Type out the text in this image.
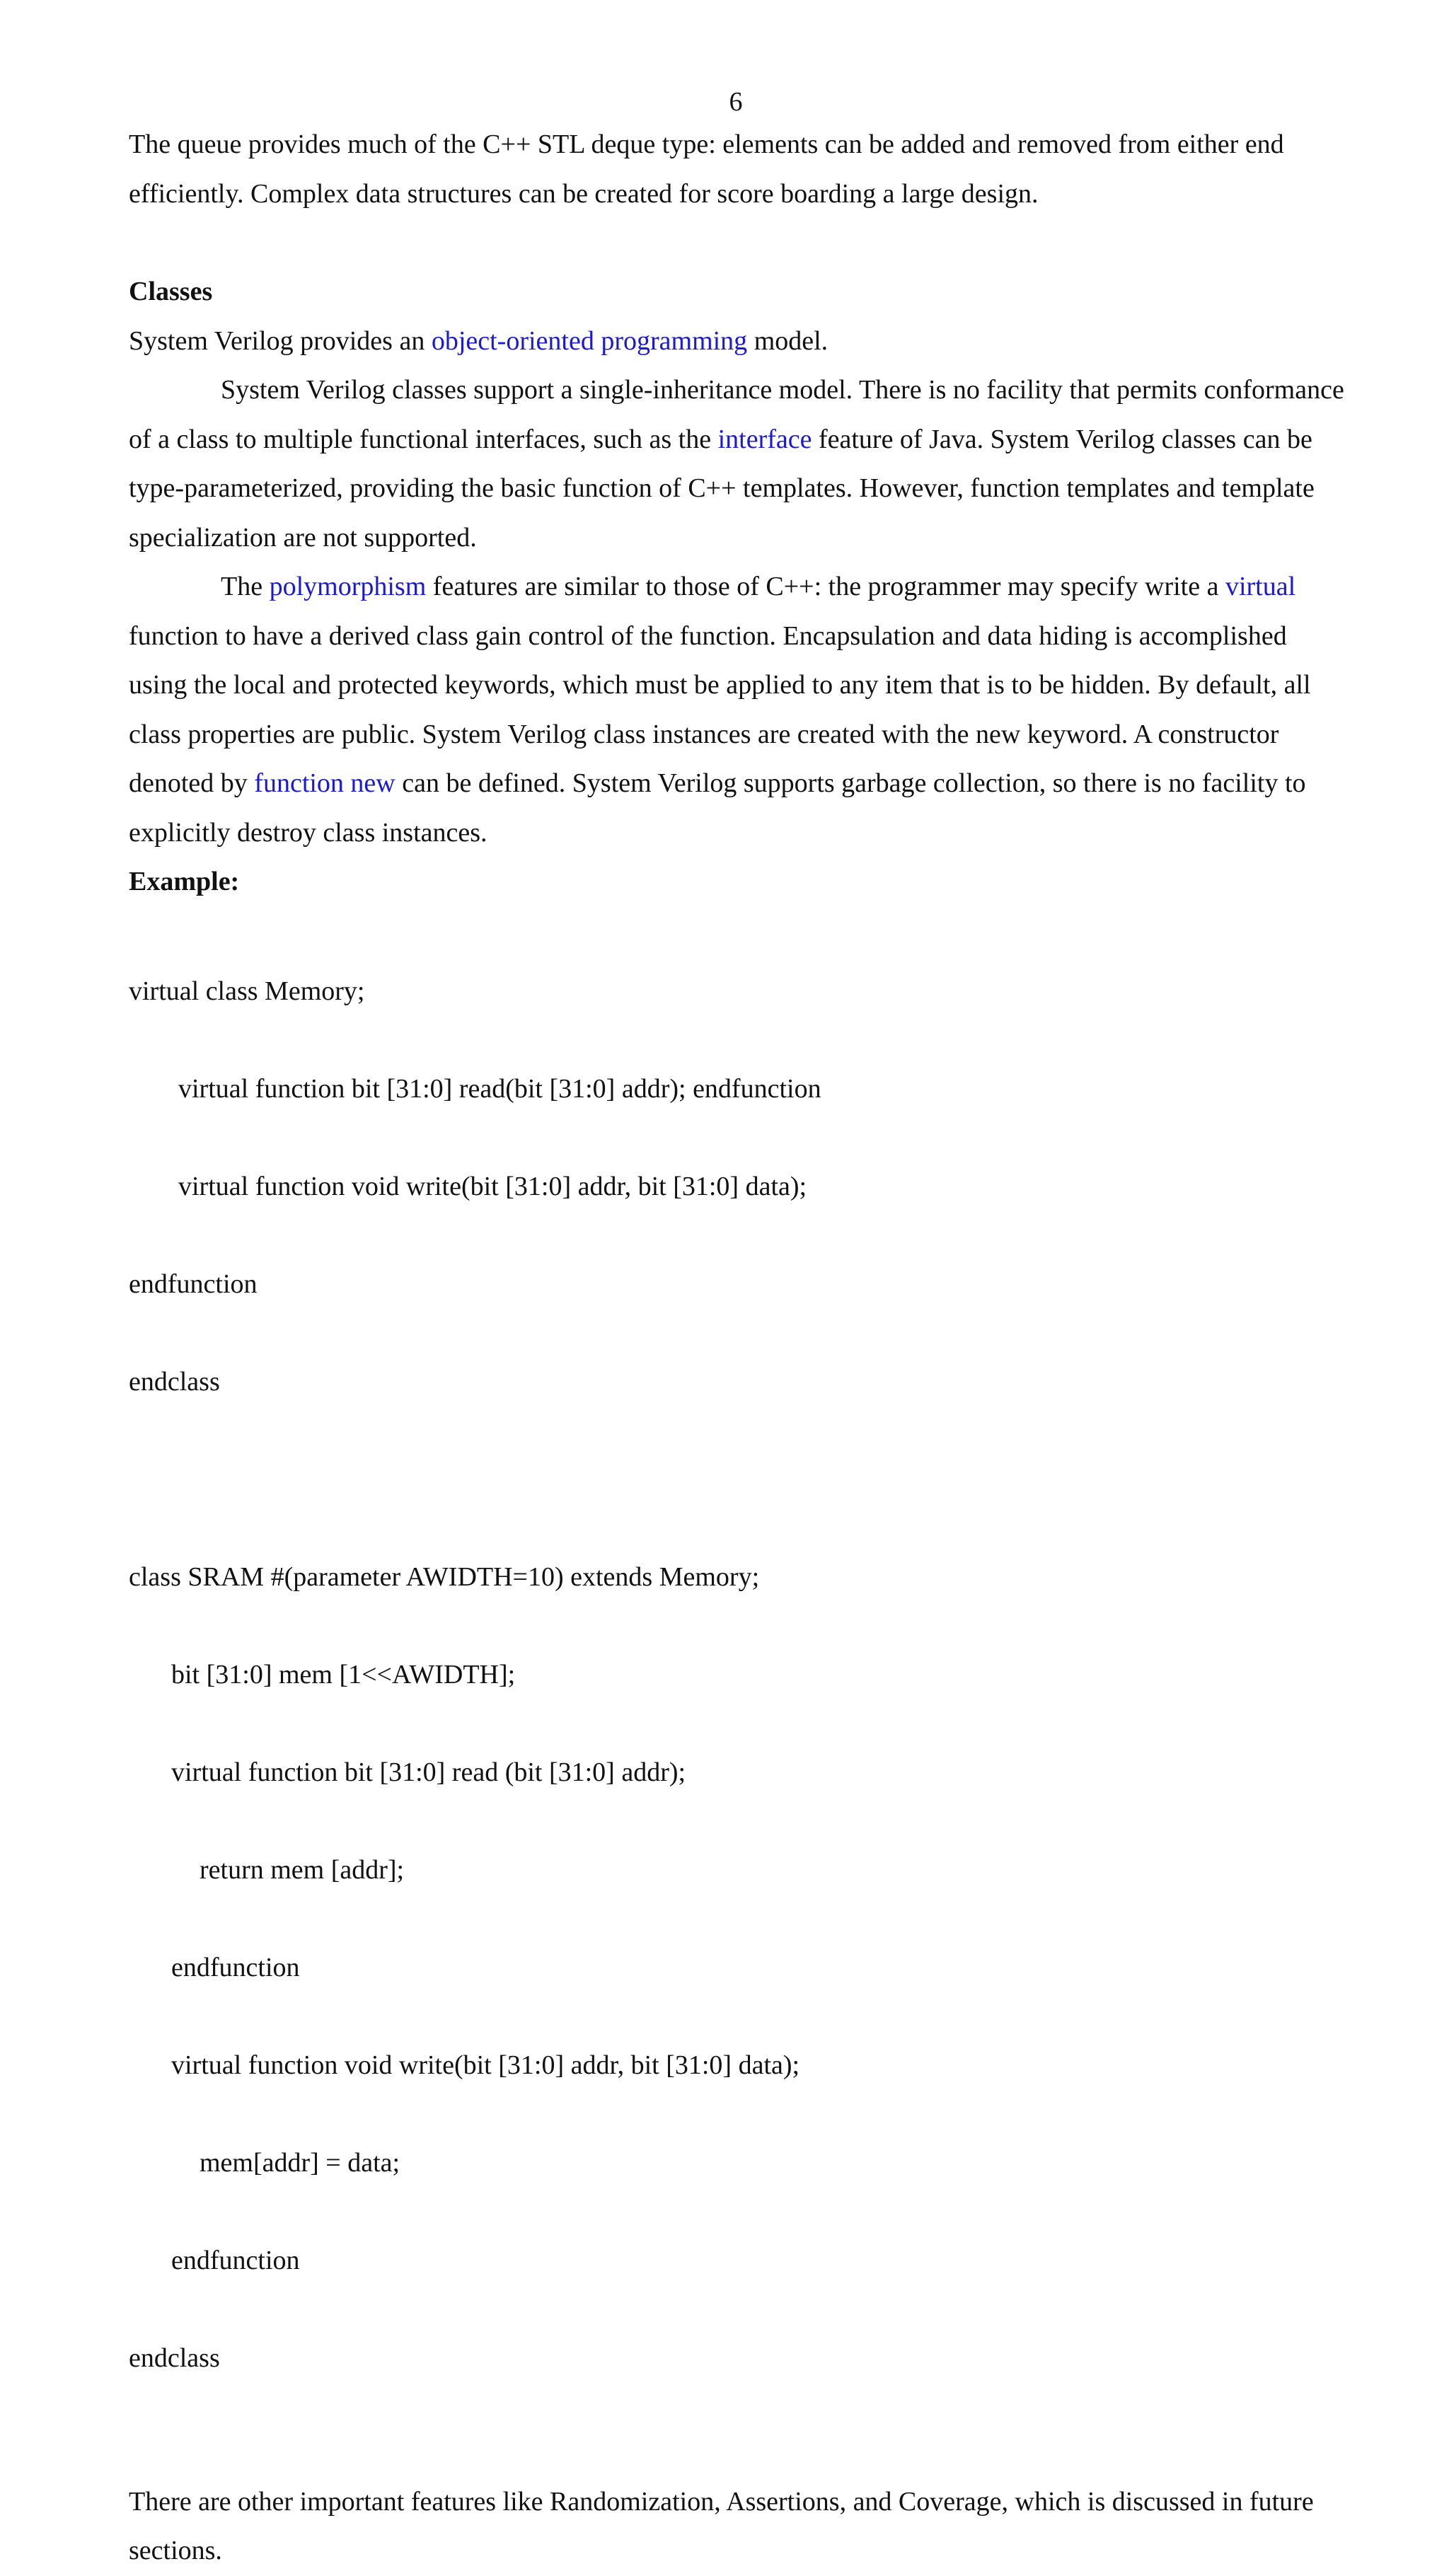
6

The queue provides much of the C++ STL deque type: elements can be added and removed from either end efficiently. Complex data structures can be created for score boarding a large design.

Classes

System Verilog provides an object-oriented programming model.

System Verilog classes support a single-inheritance model. There is no facility that permits conformance of a class to multiple functional interfaces, such as the interface feature of Java. System Verilog classes can be type-parameterized, providing the basic function of C++ templates. However, function templates and template specialization are not supported.

The polymorphism features are similar to those of C++: the programmer may specify write a virtual function to have a derived class gain control of the function. Encapsulation and data hiding is accomplished using the local and protected keywords, which must be applied to any item that is to be hidden. By default, all class properties are public. System Verilog class instances are created with the new keyword. A constructor denoted by function new can be defined. System Verilog supports garbage collection, so there is no facility to explicitly destroy class instances.

Example:

virtual class Memory;

virtual function bit [31:0] read(bit [31:0] addr); endfunction

virtual function void write(bit [31:0] addr, bit [31:0] data);

endfunction

endclass

class SRAM #(parameter AWIDTH=10) extends Memory;

bit [31:0] mem [1<<AWIDTH];

virtual function bit [31:0] read (bit [31:0] addr);

return mem [addr];

endfunction

virtual function void write(bit [31:0] addr, bit [31:0] data);

mem[addr] = data;

endfunction

endclass

There are other important features like Randomization, Assertions, and Coverage, which is discussed in future sections.
